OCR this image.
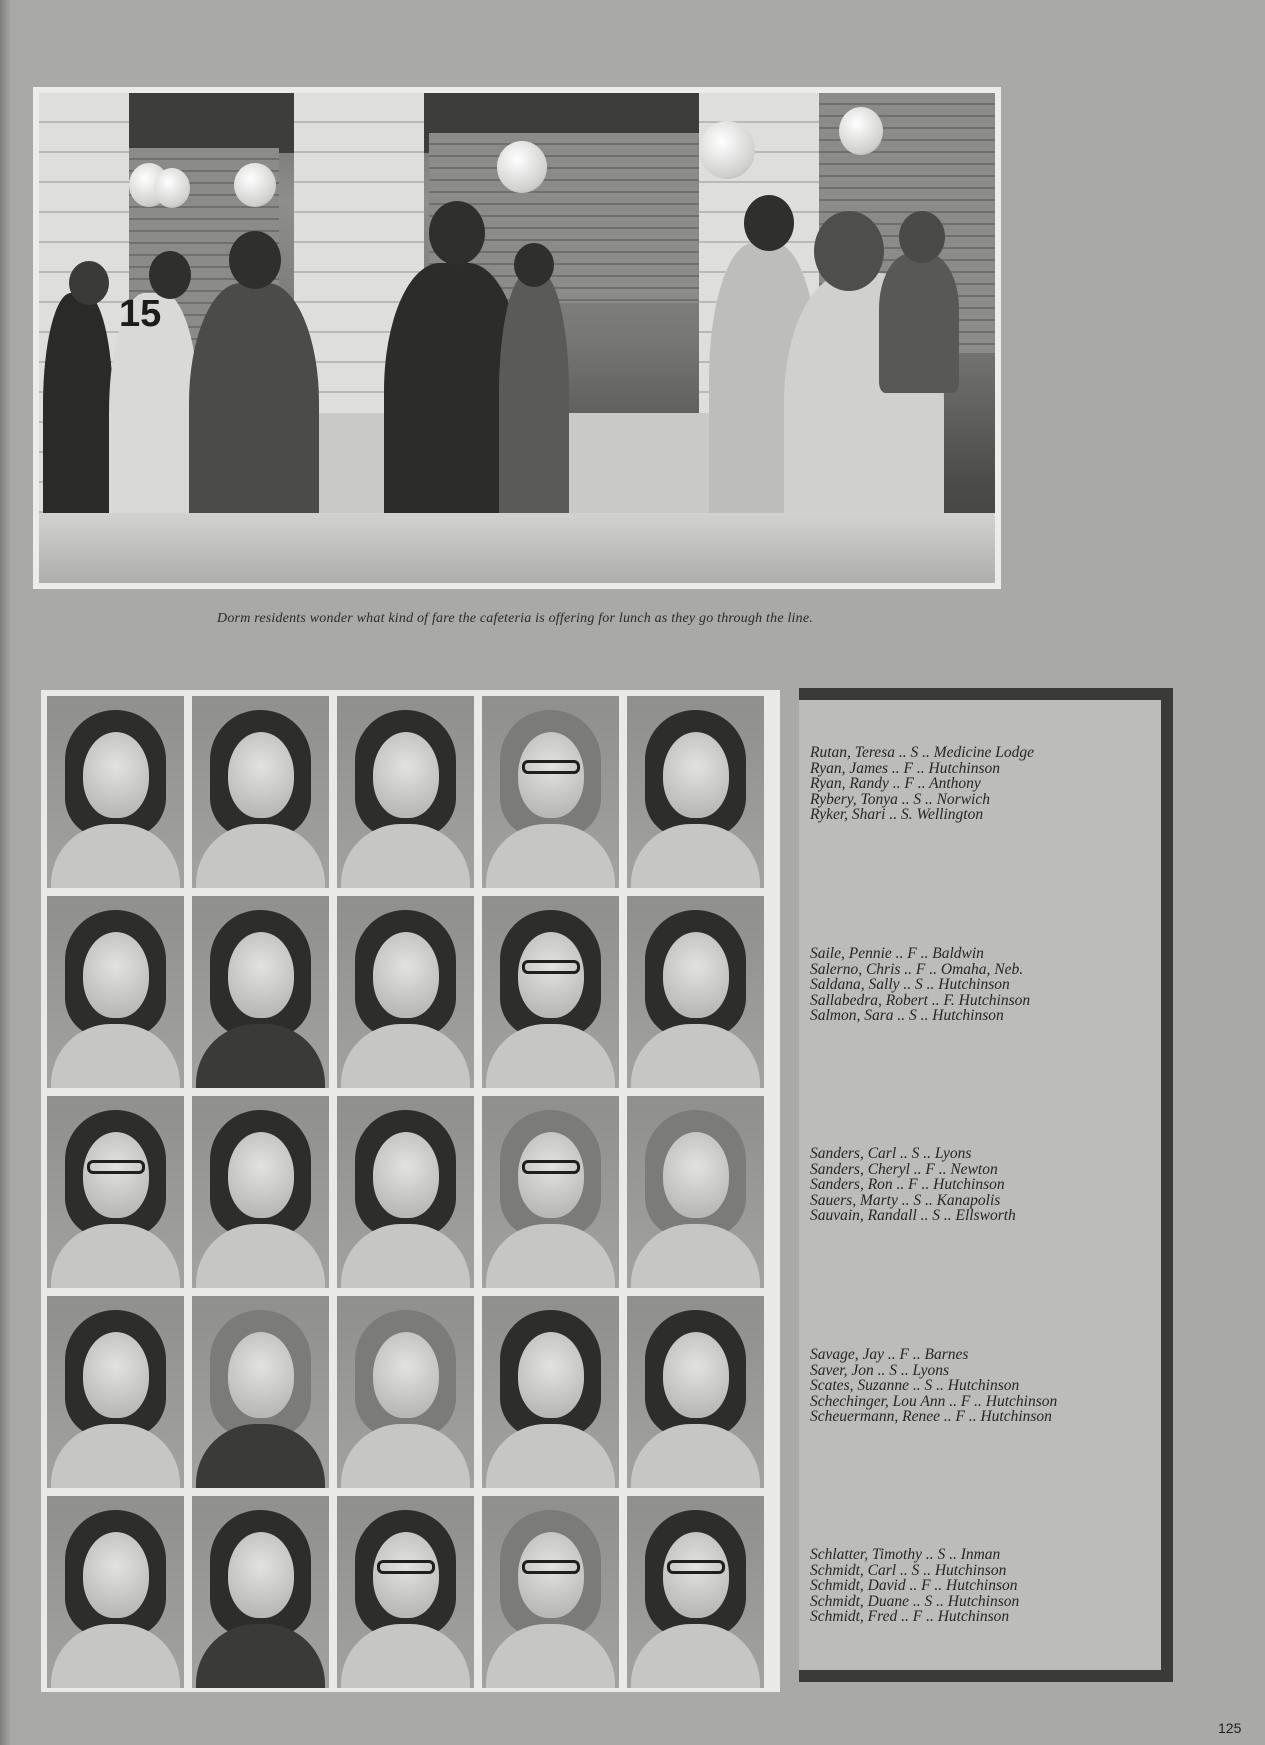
15
Dorm residents wonder what kind of fare the cafeteria is offering for lunch as they go through the line.
Rutan, Teresa .. S .. Medicine Lodge
Ryan, James .. F .. Hutchinson
Ryan, Randy .. F .. Anthony
Rybery, Tonya .. S .. Norwich
Ryker, Shari .. S. Wellington
Saile, Pennie .. F .. Baldwin
Salerno, Chris .. F .. Omaha, Neb.
Saldana, Sally .. S .. Hutchinson
Sallabedra, Robert .. F. Hutchinson
Salmon, Sara .. S .. Hutchinson
Sanders, Carl .. S .. Lyons
Sanders, Cheryl .. F .. Newton
Sanders, Ron .. F .. Hutchinson
Sauers, Marty .. S .. Kanapolis
Sauvain, Randall .. S .. Ellsworth
Savage, Jay .. F .. Barnes
Saver, Jon .. S .. Lyons
Scates, Suzanne .. S .. Hutchinson
Schechinger, Lou Ann .. F .. Hutchinson
Scheuermann, Renee .. F .. Hutchinson
Schlatter, Timothy .. S .. Inman
Schmidt, Carl .. S .. Hutchinson
Schmidt, David .. F .. Hutchinson
Schmidt, Duane .. S .. Hutchinson
Schmidt, Fred .. F .. Hutchinson
125
